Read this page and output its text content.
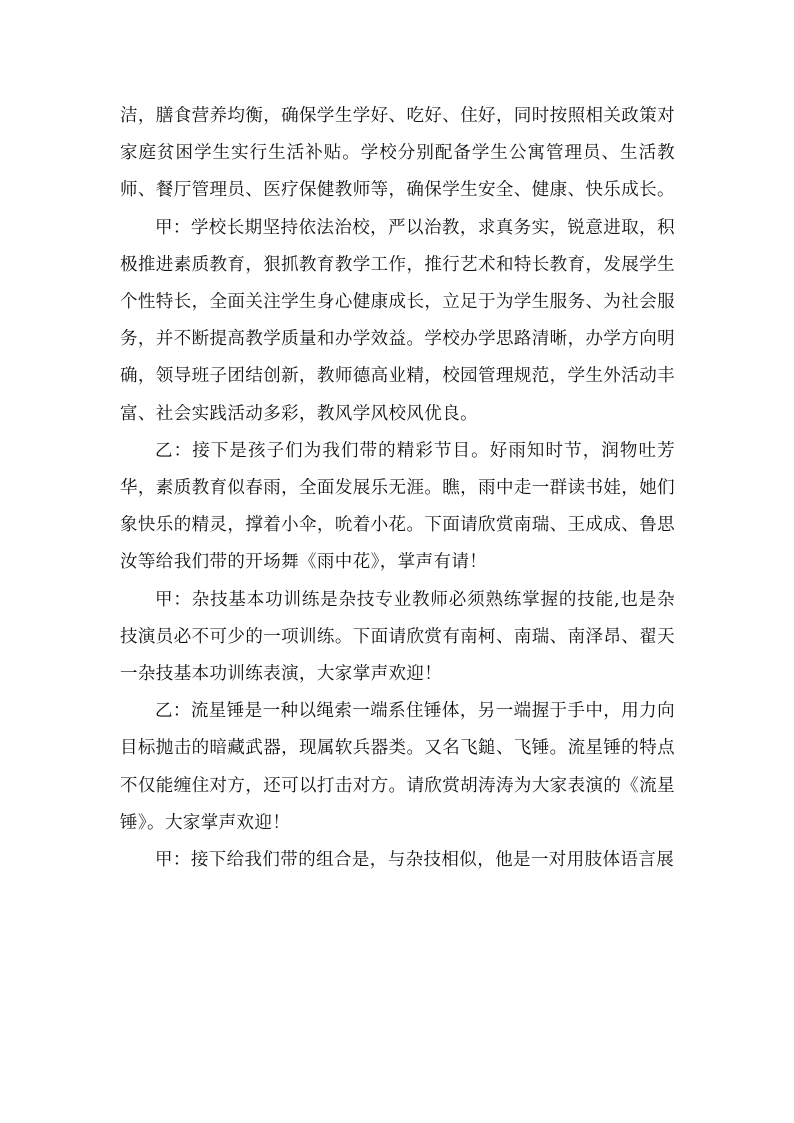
洁，膳食营养均衡，确保学生学好、吃好、住好，同时按照相关政策对家庭贫困学生实行生活补贴。学校分别配备学生公寓管理员、生活教师、餐厅管理员、医疗保健教师等，确保学生安全、健康、快乐成长。

甲：学校长期坚持依法治校，严以治教，求真务实，锐意进取，积极推进素质教育，狠抓教育教学工作，推行艺术和特长教育，发展学生个性特长，全面关注学生身心健康成长，立足于为学生服务、为社会服务，并不断提高教学质量和办学效益。学校办学思路清晰，办学方向明确，领导班子团结创新，教师德高业精，校园管理规范，学生外活动丰富、社会实践活动多彩，教风学风校风优良。

乙：接下是孩子们为我们带的精彩节目。好雨知时节，润物吐芳华，素质教育似春雨，全面发展乐无涯。瞧，雨中走一群读书娃，她们象快乐的精灵，撑着小伞，吮着小花。下面请欣赏南瑞、王成成、鲁思汝等给我们带的开场舞《雨中花》，掌声有请！

甲：杂技基本功训练是杂技专业教师必须熟练掌握的技能,也是杂技演员必不可少的一项训练。下面请欣赏有南柯、南瑞、南泽昂、翟天一杂技基本功训练表演，大家掌声欢迎！

乙：流星锤是一种以绳索一端系住锤体，另一端握于手中，用力向目标抛击的暗藏武器，现属软兵器类。又名飞鎚、飞锤。流星锤的特点不仅能缠住对方，还可以打击对方。请欣赏胡涛涛为大家表演的《流星锤》。大家掌声欢迎！

甲：接下给我们带的组合是，与杂技相似，他是一对用肢体语言展
